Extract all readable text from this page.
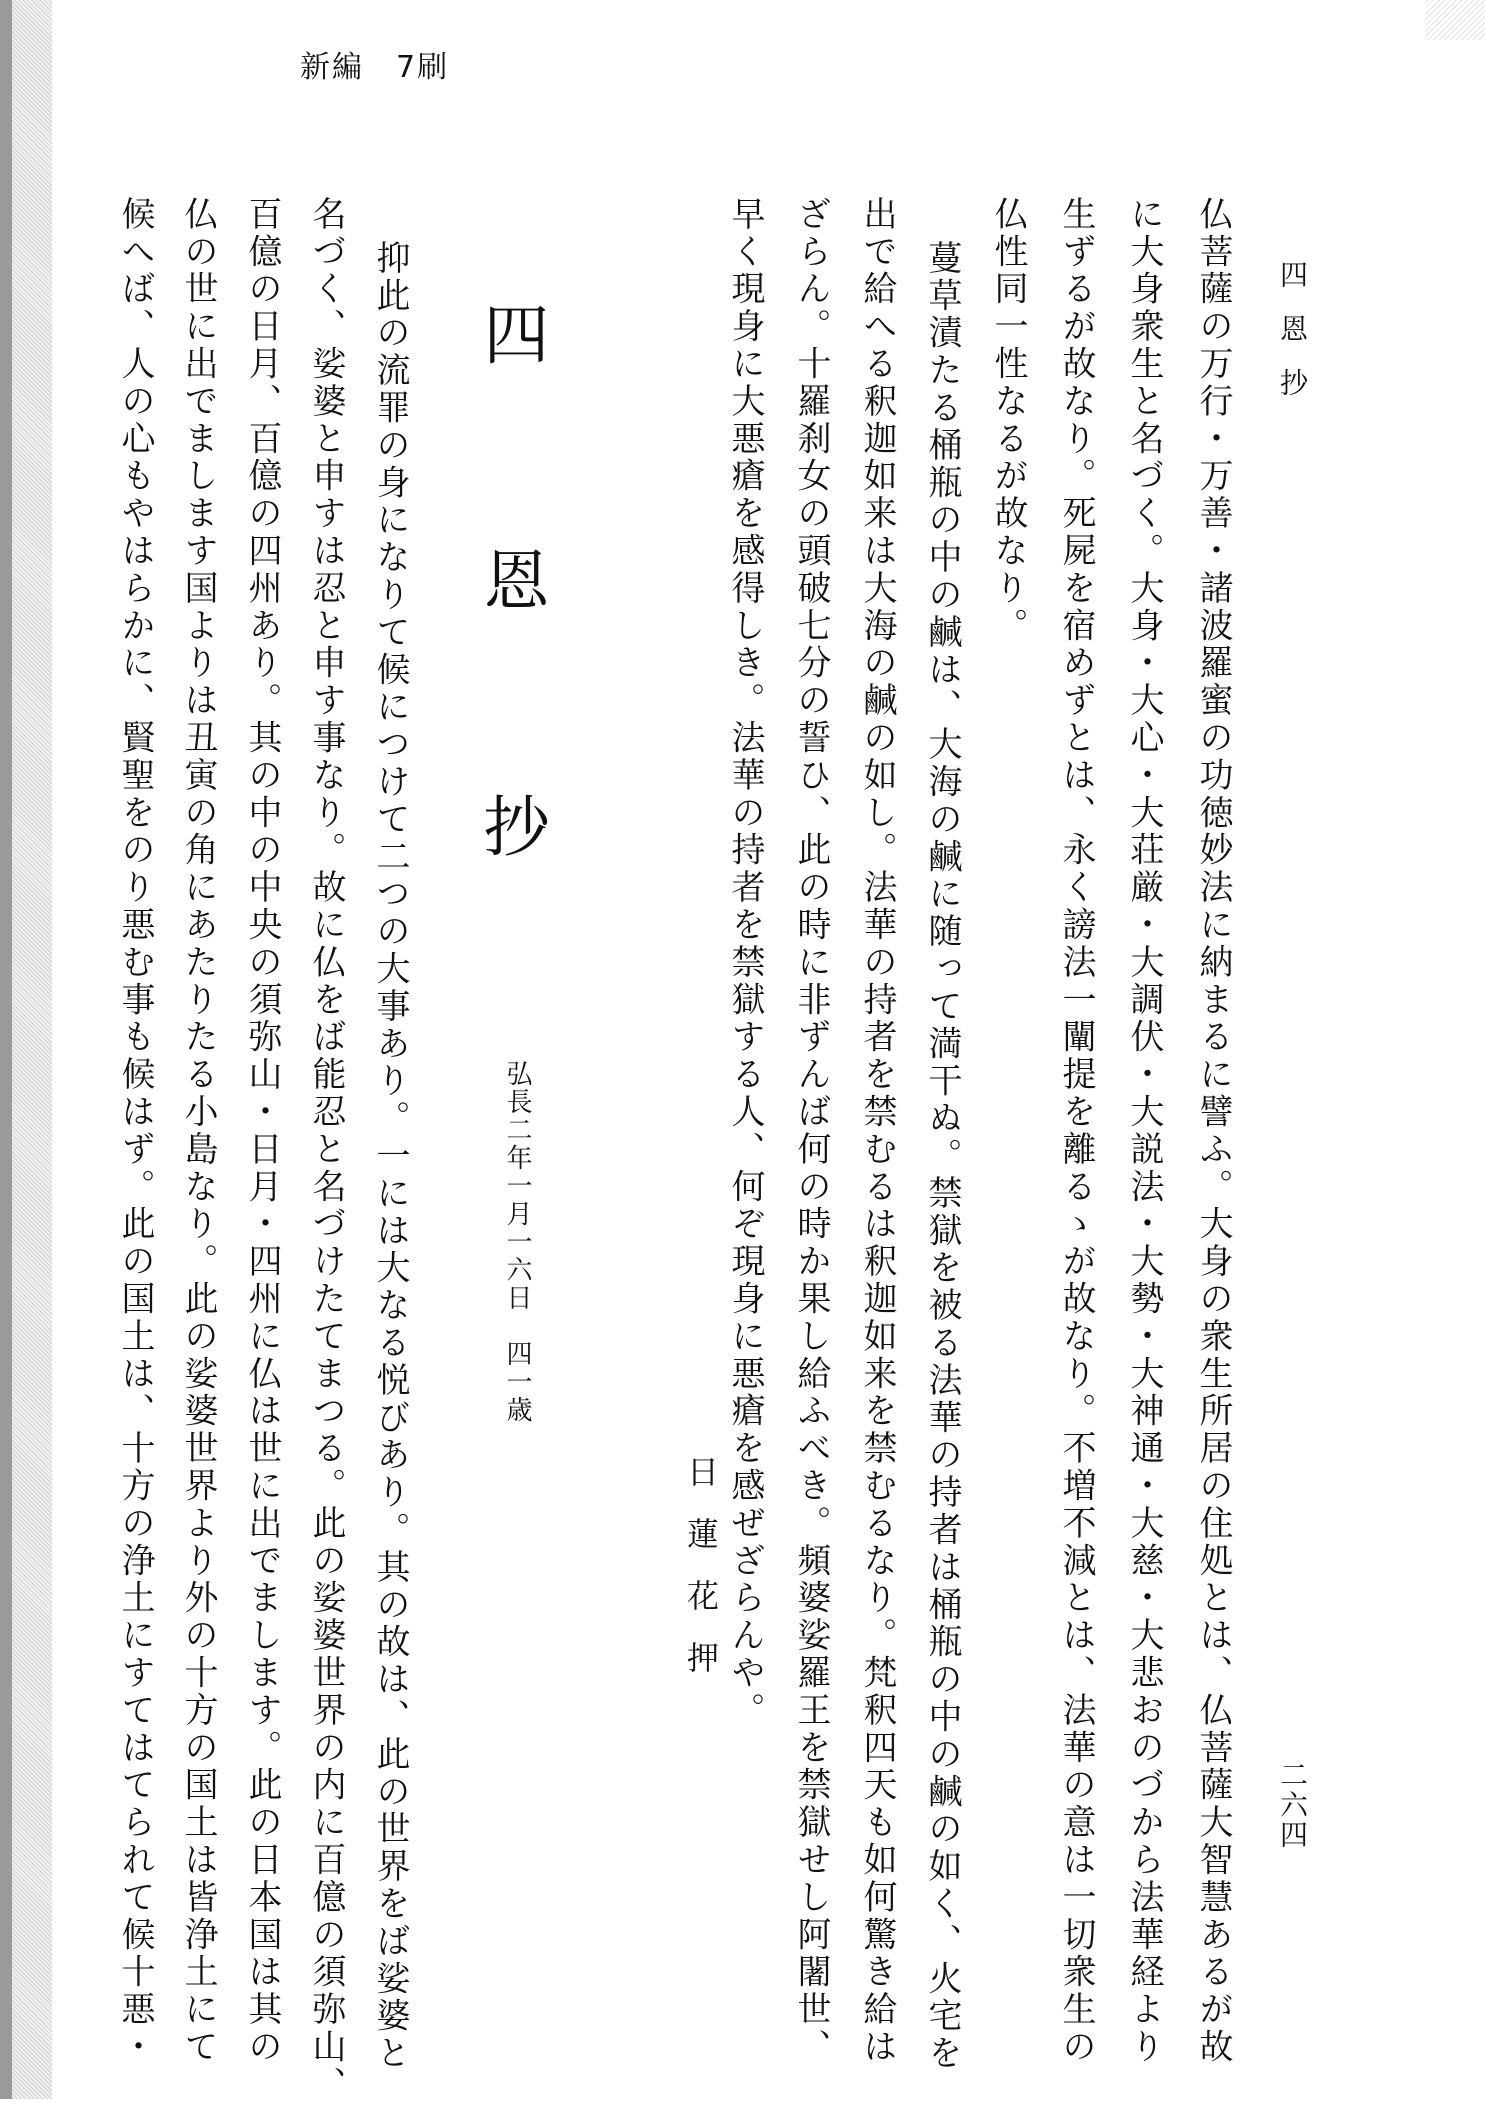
新編　7刷
四恩抄
二六四
仏菩薩の万行・万善・諸波羅蜜の功徳妙法に納まるに譬ふ。大身の衆生所居の住処とは、仏菩薩大智慧あるが故
に大身衆生と名づく。大身・大心・大荘厳・大調伏・大説法・大勢・大神通・大慈・大悲おのづから法華経より
生ずるが故なり。死屍を宿めずとは、永く謗法一闡提を離るゝが故なり。不増不減とは、法華の意は一切衆生の
仏性同一性なるが故なり。
蔓草漬たる桶瓶の中の鹹は、大海の鹹に随って満干ぬ。禁獄を被る法華の持者は桶瓶の中の鹹の如く、火宅を
出で給へる釈迦如来は大海の鹹の如し。法華の持者を禁むるは釈迦如来を禁むるなり。梵釈四天も如何驚き給は
ざらん。十羅刹女の頭破七分の誓ひ、此の時に非ずんば何の時か果し給ふべき。頻婆娑羅王を禁獄せし阿闍世、
早く現身に大悪瘡を感得しき。法華の持者を禁獄する人、何ぞ現身に悪瘡を感ぜざらんや。
日蓮花押
四恩抄
弘長二年一月一六日　四一歳
抑此の流罪の身になりて候につけて二つの大事あり。一には大なる悦びあり。其の故は、此の世界をば娑婆と
名づく、娑婆と申すは忍と申す事なり。故に仏をば能忍と名づけたてまつる。此の娑婆世界の内に百億の須弥山、
百億の日月、百億の四州あり。其の中の中央の須弥山・日月・四州に仏は世に出でまします。此の日本国は其の
仏の世に出でまします国よりは丑寅の角にあたりたる小島なり。此の娑婆世界より外の十方の国土は皆浄土にて
候へば、人の心もやはらかに、賢聖をのり悪む事も候はず。此の国土は、十方の浄土にすてはてられて候十悪・
